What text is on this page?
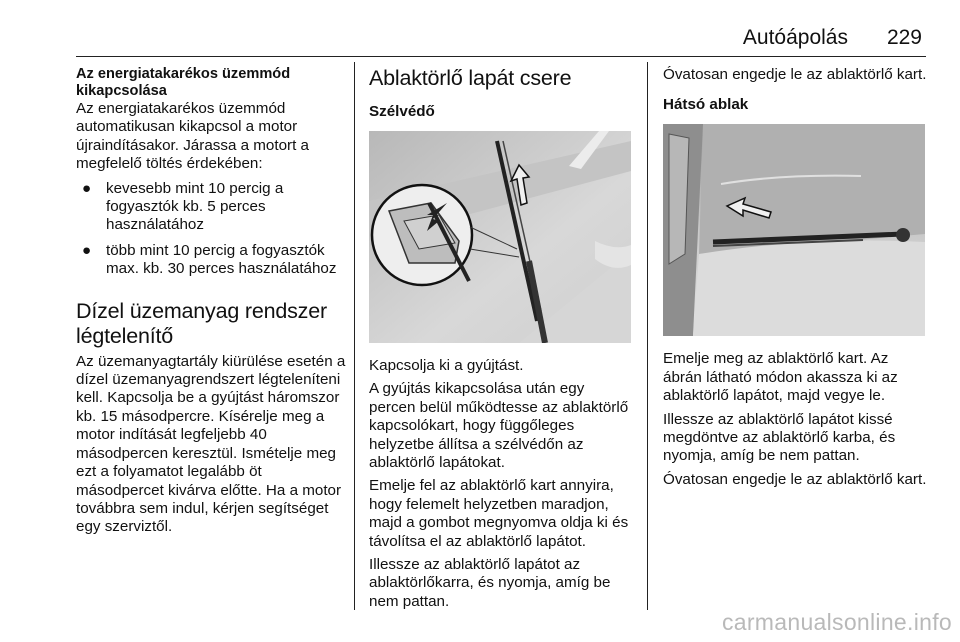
Autóápolás 229
Az energiatakarékos üzemmód kikapcsolása

Az energiatakarékos üzemmód automatikusan kikapcsol a motor újraindításakor. Járassa a motort a megfelelő töltés érdekében:

● kevesebb mint 10 percig a fogyasztók kb. 5 perces használatához
● több mint 10 percig a fogyasztók max. kb. 30 perces használatához
Dízel üzemanyag rendszer légtelenítő

Az üzemanyagtartály kiürülése esetén a dízel üzemanyagrendszert légteleníteni kell. Kapcsolja be a gyújtást háromszor kb. 15 másodpercre. Kísérelje meg a motor indítását legfeljebb 40 másodpercen keresztül. Ismételje meg ezt a folyamatot legalább öt másodpercet kivárva előtte. Ha a motor továbbra sem indul, kérjen segítséget egy szerviztől.

Ablaktörlő lapát csere
Szélvédő

Kapcsolja ki a gyújtást.

A gyújtás kikapcsolása után egy percen belül működtesse az ablaktörlő kapcsolókart, hogy függőleges helyzetbe állítsa a szélvédőn az ablaktörlő lapátokat.

Emelje fel az ablaktörlő kart annyira, hogy felemelt helyzetben maradjon, majd a gombot megnyomva oldja ki és távolítsa el az ablaktörlő lapátot.

Illessze az ablaktörlő lapátot az ablaktörlőkarra, és nyomja, amíg be nem pattan.

Óvatosan engedje le az ablaktörlő kart.

Hátsó ablak

Emelje meg az ablaktörlő kart. Az ábrán látható módon akassza ki az ablaktörlő lapátot, majd vegye le.

Illessze az ablaktörlő lapátot kissé megdöntve az ablaktörlő karba, és nyomja, amíg be nem pattan.

Óvatosan engedje le az ablaktörlő kart.

carmanualsonline.info
